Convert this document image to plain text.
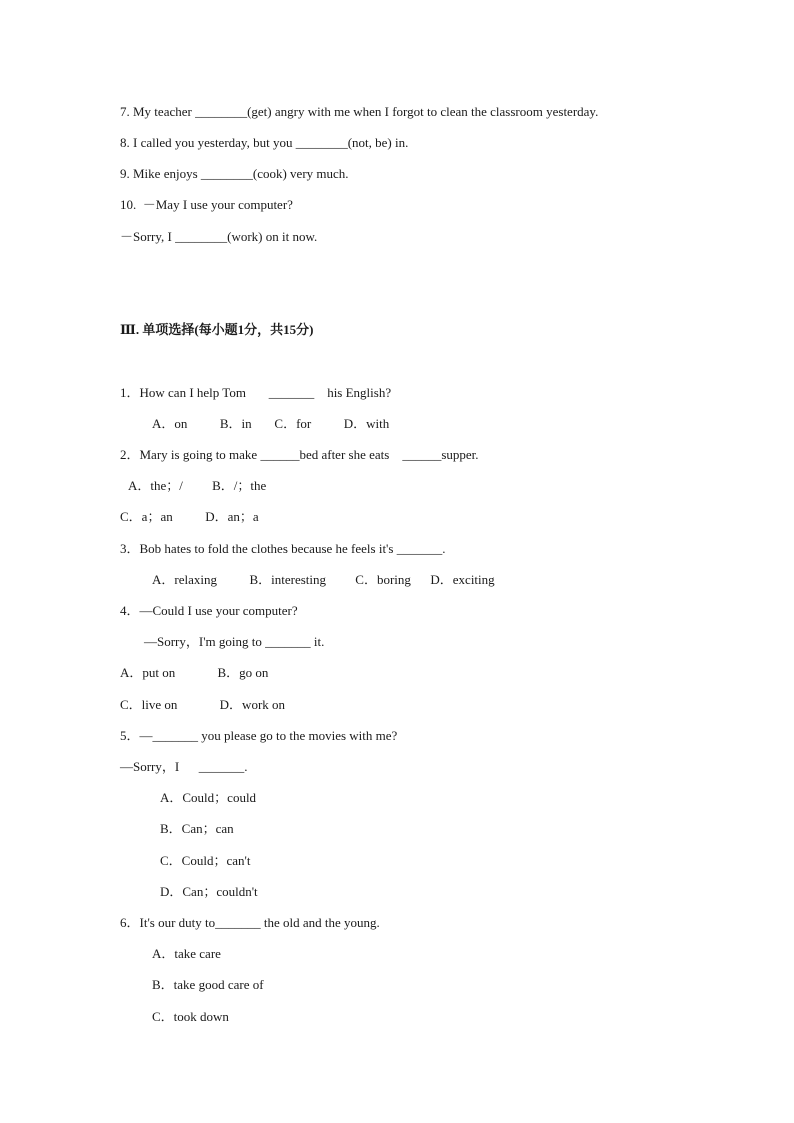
7. My teacher ________(get) angry with me when I forgot to clean the classroom yesterday.
8. I called you yesterday, but you ________(not, be) in.
9. Mike enjoys ________(cook) very much.
10.  －May I use your computer?
－Sorry, I ________(work) on it now.
Ⅲ. 单项选择(每小题1分，共15分)
1．How can I help Tom       _______    his English?
A．on          B．in       C．for          D．with
2．Mary is going to make ______bed after she eats    ______supper.
A．the；/         B．/；the
C．a；an          D．an；a
3．Bob hates to fold the clothes because he feels it's _______.
A．relaxing          B．interesting         C．boring      D．exciting
4．—Could I use your computer?
—Sorry，I'm going to _______ it.
A．put on             B．go on
C．live on             D．work on
5．—_______ you please go to the movies with me?
—Sorry，I      _______.
A．Could；could
B．Can；can
C．Could；can't
D．Can；couldn't
6．It's our duty to_______ the old and the young.
A．take care
B．take good care of
C．took down
